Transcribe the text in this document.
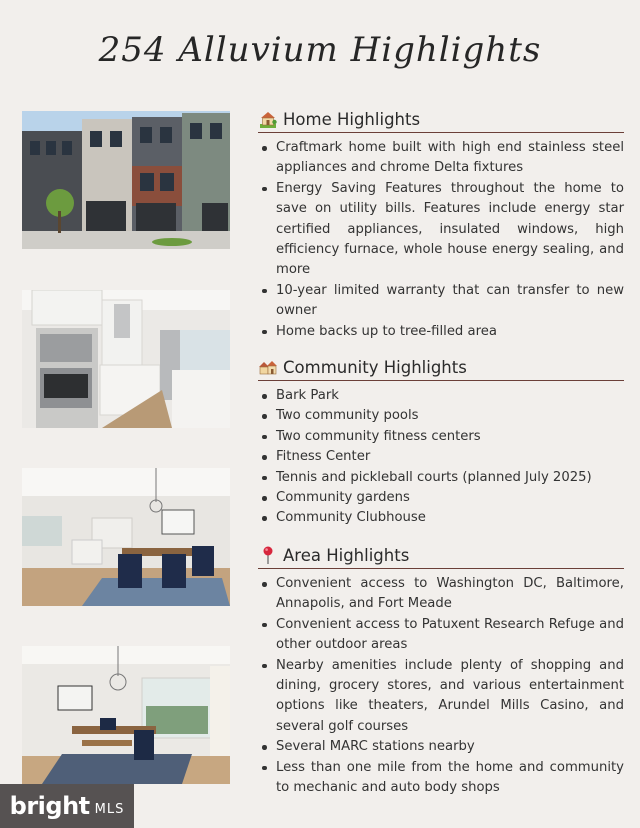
254 Alluvium Highlights
Home Highlights
Craftmark home built with high end stainless steel appliances and chrome Delta fixtures
Energy Saving Features throughout the home to save on utility bills. Features include energy star certified appliances, insulated windows, high efficiency furnace, whole house energy sealing, and more
10-year limited warranty that can transfer to new owner
Home backs up to tree-filled area
Community Highlights
Bark Park
Two community pools
Two community fitness centers
Fitness Center
Tennis and pickleball courts (planned July 2025)
Community gardens
Community Clubhouse
Area Highlights
Convenient access to Washington DC, Baltimore, Annapolis, and Fort Meade
Convenient access to Patuxent Research Refuge and other outdoor areas
Nearby amenities include plenty of shopping and dining, grocery stores, and various entertainment options like theaters, Arundel Mills Casino, and several golf courses
Several MARC stations nearby
Less than one mile from the home and community to mechanic and auto body shops
bright MLS
